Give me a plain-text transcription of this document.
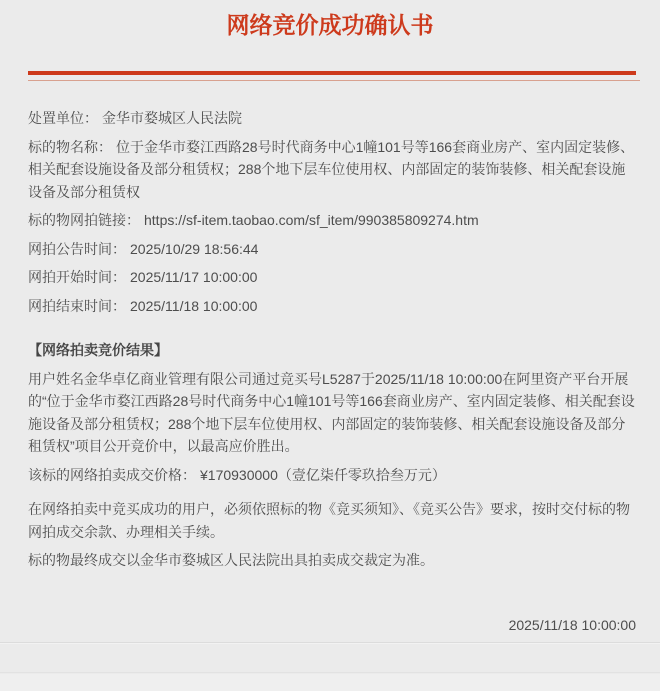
网络竞价成功确认书

处置单位： 金华市婺城区人民法院

标的物名称： 位于金华市婺江西路28号时代商务中心1幢101号等166套商业房产、室内固定装修、相关配套设施设备及部分租赁权；288个地下层车位使用权、内部固定的装饰装修、相关配套设施设备及部分租赁权

标的物网拍链接： https://sf-item.taobao.com/sf_item/990385809274.htm

网拍公告时间： 2025/10/29 18:56:44

网拍开始时间： 2025/11/17 10:00:00

网拍结束时间： 2025/11/18 10:00:00

【网络拍卖竞价结果】

用户姓名金华卓亿商业管理有限公司通过竞买号L5287于2025/11/18 10:00:00在阿里资产平台开展的“位于金华市婺江西路28号时代商务中心1幢101号等166套商业房产、室内固定装修、相关配套设施设备及部分租赁权；288个地下层车位使用权、内部固定的装饰装修、相关配套设施设备及部分租赁权”项目公开竞价中，以最高应价胜出。

该标的网络拍卖成交价格： ¥170930000（壹亿柒仟零玖拾叁万元）

在网络拍卖中竞买成功的用户，必须依照标的物《竞买须知》、《竞买公告》要求，按时交付标的物网拍成交余款、办理相关手续。

标的物最终成交以金华市婺城区人民法院出具拍卖成交裁定为准。

2025/11/18 10:00:00
